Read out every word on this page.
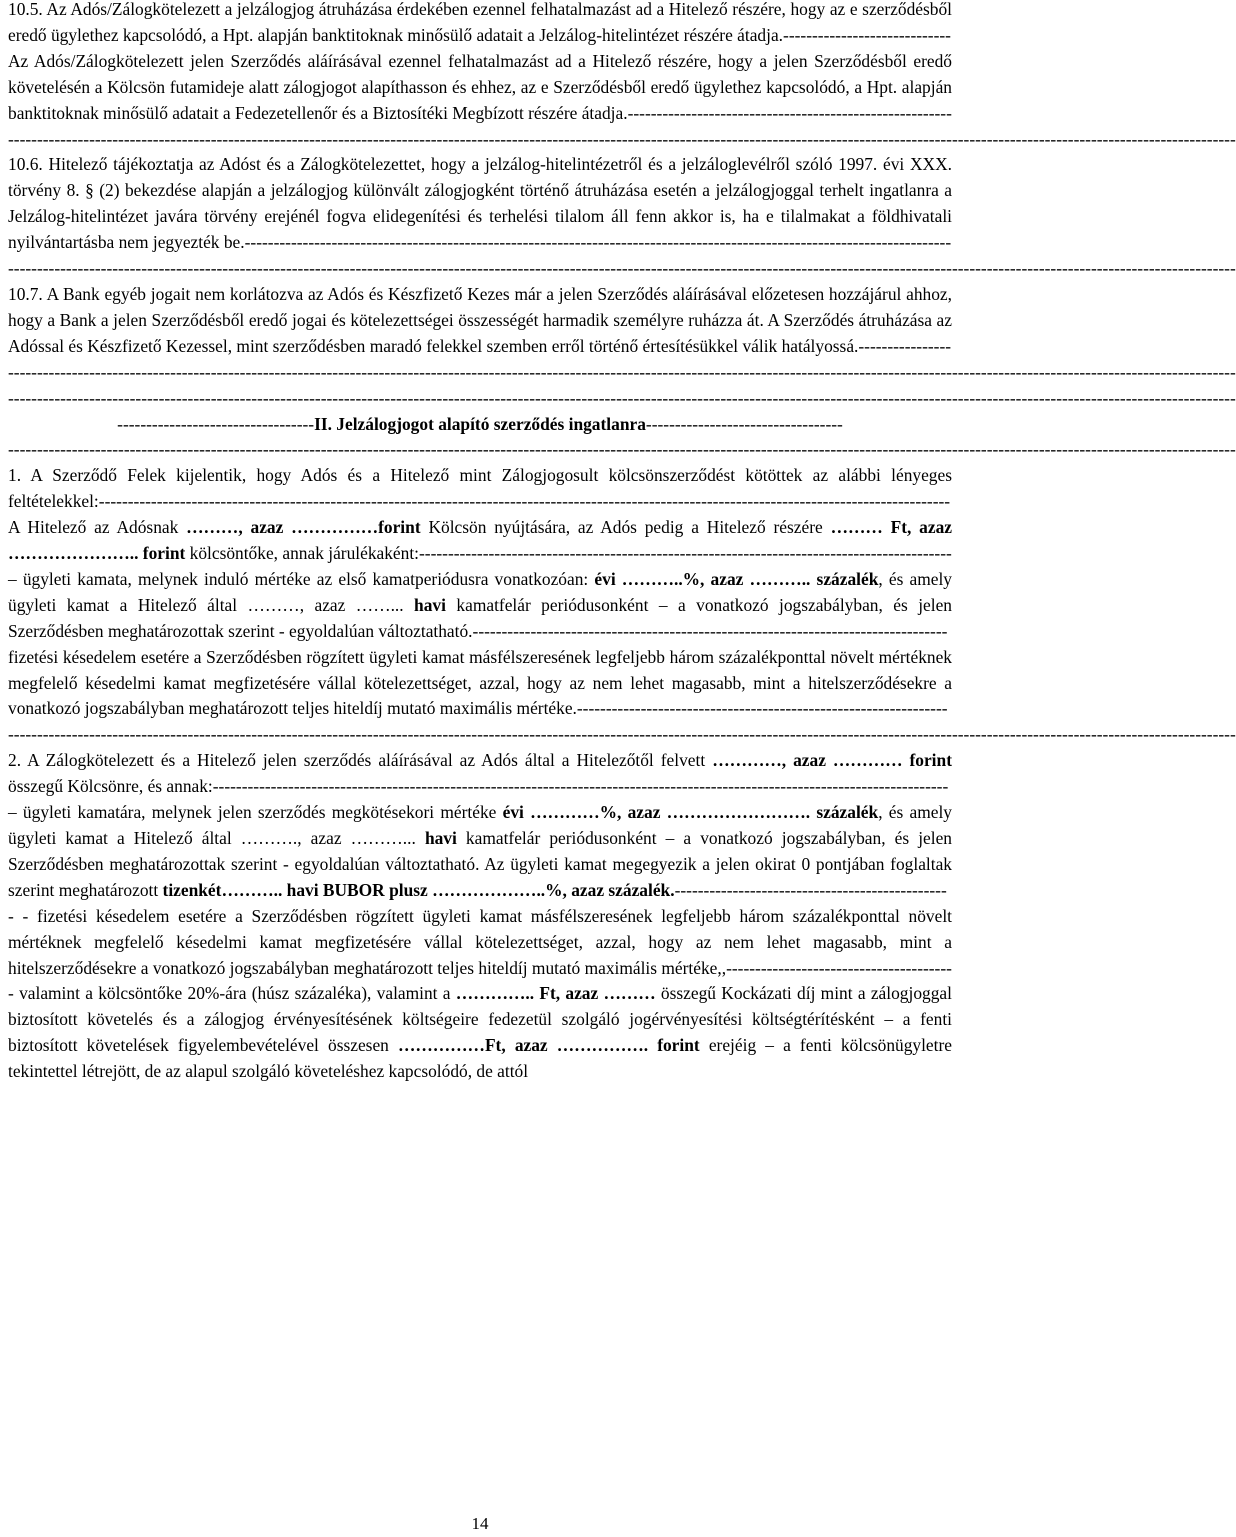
10.5. Az Adós/Zálogkötelezett a jelzálogjog átruházása érdekében ezennel felhatalmazást ad a Hitelező részére, hogy az e szerződésből eredő ügylethez kapcsolódó, a Hpt. alapján banktitoknak minősülő adatait a Jelzálog-hitelintézet részére átadja.-----------------------------

Az Adós/Zálogkötelezett jelen Szerződés aláírásával ezennel felhatalmazást ad a Hitelező részére, hogy a jelen Szerződésből eredő követelésén a Kölcsön futamideje alatt zálogjogot alapíthasson és ehhez, az e Szerződésből eredő ügylethez kapcsolódó, a Hpt. alapján banktitoknak minősülő adatait a Fedezetellenőr és a Biztosítéki Megbízott részére átadja.--------------------------------------------------------

--------------------------------------------------------------------------------------------------------------------------------------------------------------------------------------------------------------------

10.6. Hitelező tájékoztatja az Adóst és a Zálogkötelezettet, hogy a jelzálog-hitelintézetről és a jelzáloglevélről szóló 1997. évi XXX. törvény 8. § (2) bekezdése alapján a jelzálogjog különvált zálogjogként történő átruházása esetén a jelzálogjoggal terhelt ingatlanra a Jelzálog-hitelintézet javára törvény erejénél fogva elidegenítési és terhelési tilalom áll fenn akkor is, ha e tilalmakat a földhivatali nyilvántartásba nem jegyezték be.--------------------------------------------------------------------------------------------------------------------------

--------------------------------------------------------------------------------------------------------------------------------------------------------------------------------------------------------------------

10.7. A Bank egyéb jogait nem korlátozva az Adós és Készfizető Kezes már a jelen Szerződés aláírásával előzetesen hozzájárul ahhoz, hogy a Bank a jelen Szerződésből eredő jogai és kötelezettségei összességét harmadik személyre ruházza át. A Szerződés átruházása az Adóssal és Készfizető Kezessel, mint szerződésben maradó felekkel szemben erről történő értesítésükkel válik hatályossá.----------------

--------------------------------------------------------------------------------------------------------------------------------------------------------------------------------------------------------------------

--------------------------------------------------------------------------------------------------------------------------------------------------------------------------------------------------------------------

----------------------------------II. Jelzálogjogot alapító szerződés ingatlanra----------------------------------

--------------------------------------------------------------------------------------------------------------------------------------------------------------------------------------------------------------------

1. A Szerződő Felek kijelentik, hogy Adós és a Hitelező mint Zálogjogosult kölcsönszerződést kötöttek az alábbi lényeges feltételekkel:---------------------------------------------------------------------------------------------------------------------------------------------------

A Hitelező az Adósnak ………, azaz ……………forint Kölcsön nyújtására, az Adós pedig a Hitelező részére ……… Ft, azaz ………………….. forint kölcsöntőke, annak járulékaként:--------------------------------------------------------------------------------------------

– ügyleti kamata, melynek induló mértéke az első kamatperiódusra vonatkozóan: évi ………..%, azaz ……….. százalék, és amely ügyleti kamat a Hitelező által ………, azaz ……... havi kamatfelár periódusonként – a vonatkozó jogszabályban, és jelen Szerződésben meghatározottak szerint - egyoldalúan változtatható.----------------------------------------------------------------------------------

fizetési késedelem esetére a Szerződésben rögzített ügyleti kamat másfélszeresének legfeljebb három százalékponttal növelt mértéknek megfelelő késedelmi kamat megfizetésére vállal kötelezettséget, azzal, hogy az nem lehet magasabb, mint a hitelszerződésekre a vonatkozó jogszabályban meghatározott teljes hiteldíj mutató maximális mértéke.----------------------------------------------------------------

--------------------------------------------------------------------------------------------------------------------------------------------------------------------------------------------------------------------

2. A Zálogkötelezett és a Hitelező jelen szerződés aláírásával az Adós által a Hitelezőtől felvett …………, azaz ………… forint összegű Kölcsönre, és annak:-------------------------------------------------------------------------------------------------------------------------------

– ügyleti kamatára, melynek jelen szerződés megkötésekori mértéke évi …………%, azaz ……………………. százalék, és amely ügyleti kamat a Hitelező által ………., azaz ………... havi kamatfelár periódusonként – a vonatkozó jogszabályban, és jelen Szerződésben meghatározottak szerint - egyoldalúan változtatható. Az ügyleti kamat megegyezik a jelen okirat 0 pontjában foglaltak szerint meghatározott tizenkét……….. havi BUBOR plusz ………………..%, azaz százalék.-----------------------------------------------

- - fizetési késedelem esetére a Szerződésben rögzített ügyleti kamat másfélszeresének legfeljebb három százalékponttal növelt mértéknek megfelelő késedelmi kamat megfizetésére vállal kötelezettséget, azzal, hogy az nem lehet magasabb, mint a hitelszerződésekre a vonatkozó jogszabályban meghatározott teljes hiteldíj mutató maximális mértéke,,---------------------------------------

- valamint a kölcsöntőke 20%-ára (húsz százaléka), valamint a ………….. Ft, azaz ……… összegű Kockázati díj mint a zálogjoggal biztosított követelés és a zálogjog érvényesítésének költségeire fedezetül szolgáló jogérvényesítési költségtérítésként – a fenti biztosított követelések figyelembevételével összesen ……………Ft, azaz ……………. forint erejéig – a fenti kölcsönügyletre tekintettel létrejött, de az alapul szolgáló követeléshez kapcsolódó, de attól

14
